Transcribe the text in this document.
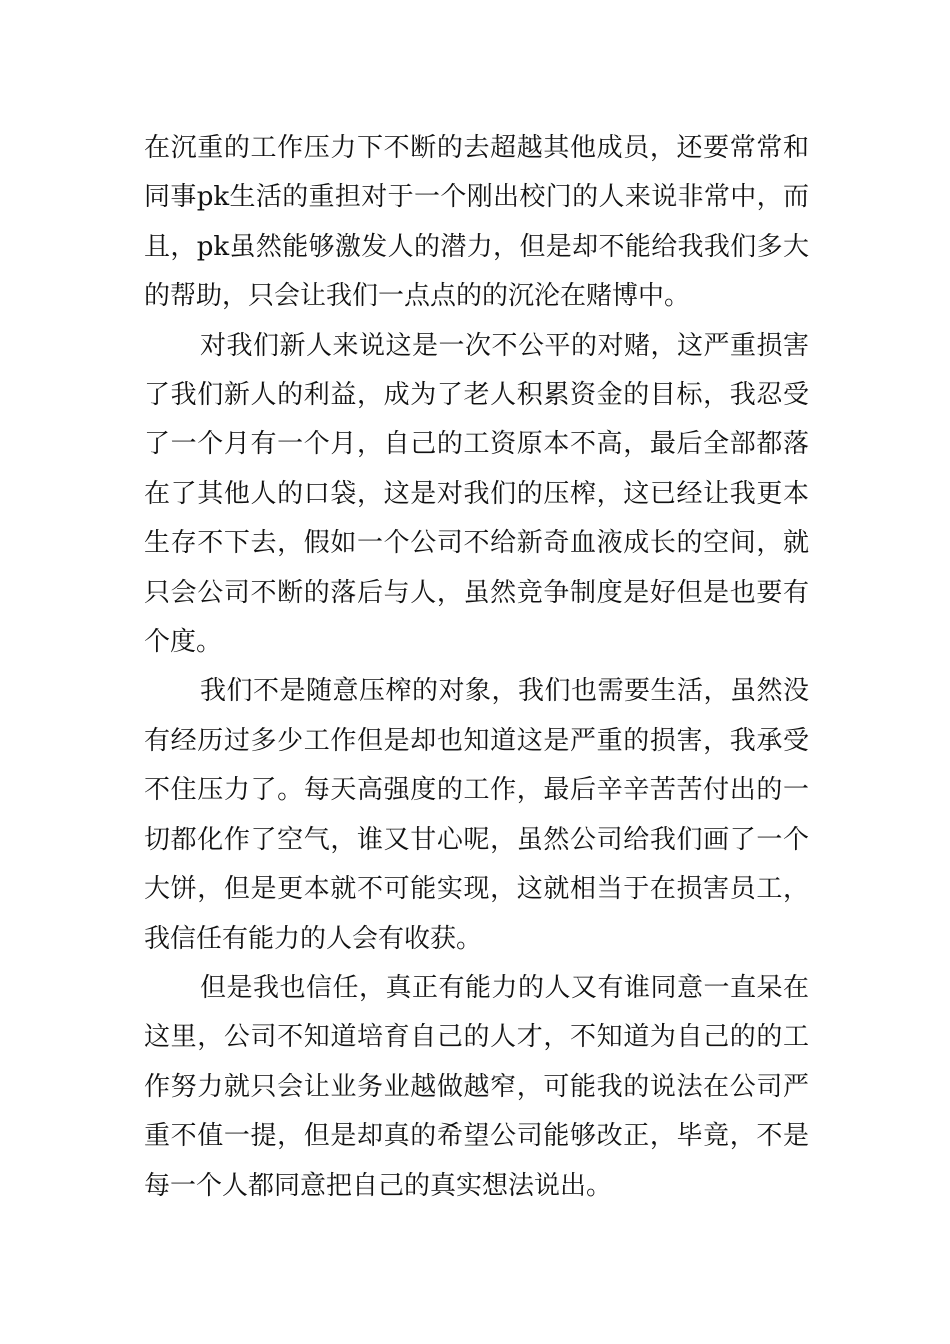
在沉重的工作压力下不断的去超越其他成员，还要常常和同事pk生活的重担对于一个刚出校门的人来说非常中，而且，pk虽然能够激发人的潜力，但是却不能给我我们多大的帮助，只会让我们一点点的的沉沦在赌博中。

对我们新人来说这是一次不公平的对赌，这严重损害了我们新人的利益，成为了老人积累资金的目标，我忍受了一个月有一个月，自己的工资原本不高，最后全部都落在了其他人的口袋，这是对我们的压榨，这已经让我更本生存不下去，假如一个公司不给新奇血液成长的空间，就只会公司不断的落后与人，虽然竞争制度是好但是也要有个度。

我们不是随意压榨的对象，我们也需要生活，虽然没有经历过多少工作但是却也知道这是严重的损害，我承受不住压力了。每天高强度的工作，最后辛辛苦苦付出的一切都化作了空气，谁又甘心呢，虽然公司给我们画了一个大饼，但是更本就不可能实现，这就相当于在损害员工，我信任有能力的人会有收获。

但是我也信任，真正有能力的人又有谁同意一直呆在这里，公司不知道培育自己的人才，不知道为自己的的工作努力就只会让业务业越做越窄，可能我的说法在公司严重不值一提，但是却真的希望公司能够改正，毕竟，不是每一个人都同意把自己的真实想法说出。
